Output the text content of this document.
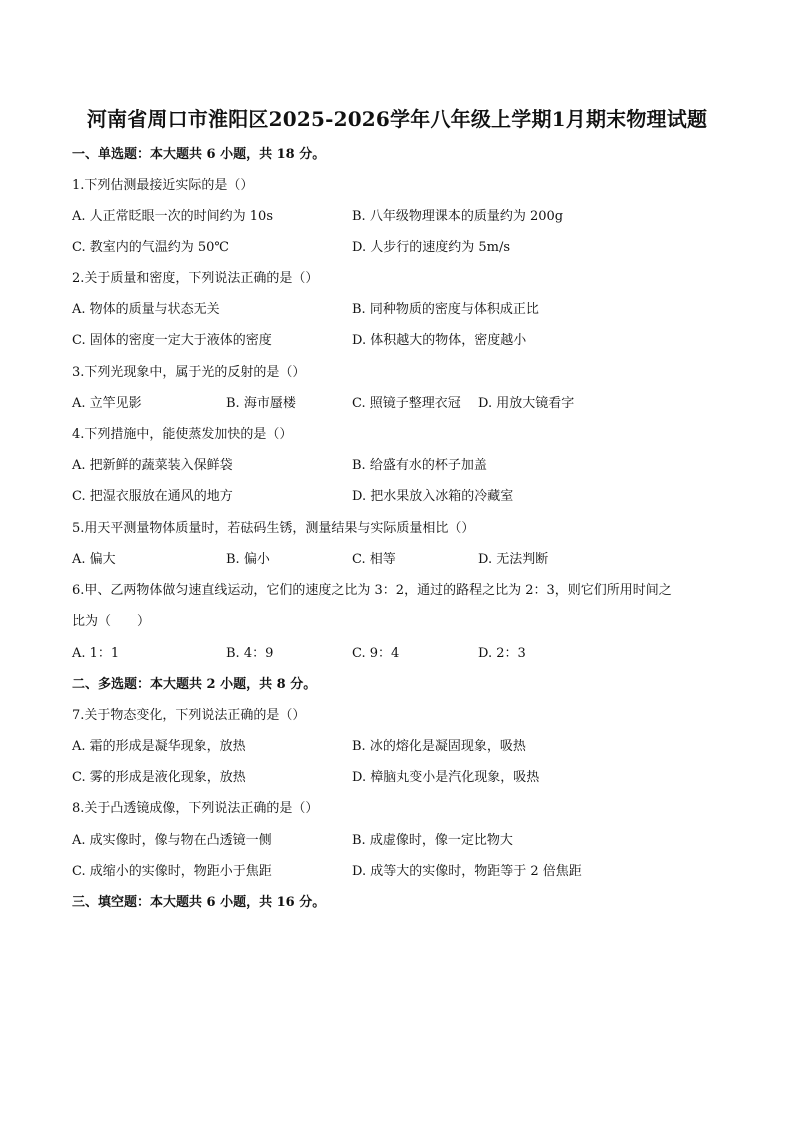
河南省周口市淮阳区2025-2026学年八年级上学期1月期末物理试题
一、单选题：本大题共 6 小题，共 18 分。
1.下列估测最接近实际的是（）
A. 人正常眨眼一次的时间约为 10s	B. 八年级物理课本的质量约为 200g
C. 教室内的气温约为 50℃	D. 人步行的速度约为 5m/s
2.关于质量和密度，下列说法正确的是（）
A. 物体的质量与状态无关	B. 同种物质的密度与体积成正比
C. 固体的密度一定大于液体的密度	D. 体积越大的物体，密度越小
3.下列光现象中，属于光的反射的是（）
A. 立竿见影	B. 海市蜃楼	C. 照镜子整理衣冠 D. 用放大镜看字
4.下列措施中，能使蒸发加快的是（）
A. 把新鲜的蔬菜装入保鲜袋	B. 给盛有水的杯子加盖
C. 把湿衣服放在通风的地方	D. 把水果放入冰箱的冷藏室
5.用天平测量物体质量时，若砝码生锈，测量结果与实际质量相比（）
A. 偏大	B. 偏小	C. 相等	D. 无法判断
6.甲、乙两物体做匀速直线运动，它们的速度之比为 3：2，通过的路程之比为 2：3，则它们所用时间之
比为（　　）
A. 1：1	B. 4：9	C. 9：4	D. 2：3
二、多选题：本大题共 2 小题，共 8 分。
7.关于物态变化，下列说法正确的是（）
A. 霜的形成是凝华现象，放热	B. 冰的熔化是凝固现象，吸热
C. 雾的形成是液化现象，放热	D. 樟脑丸变小是汽化现象，吸热
8.关于凸透镜成像，下列说法正确的是（）
A. 成实像时，像与物在凸透镜一侧	B. 成虚像时，像一定比物大
C. 成缩小的实像时，物距小于焦距	D. 成等大的实像时，物距等于 2 倍焦距
三、填空题：本大题共 6 小题，共 16 分。
